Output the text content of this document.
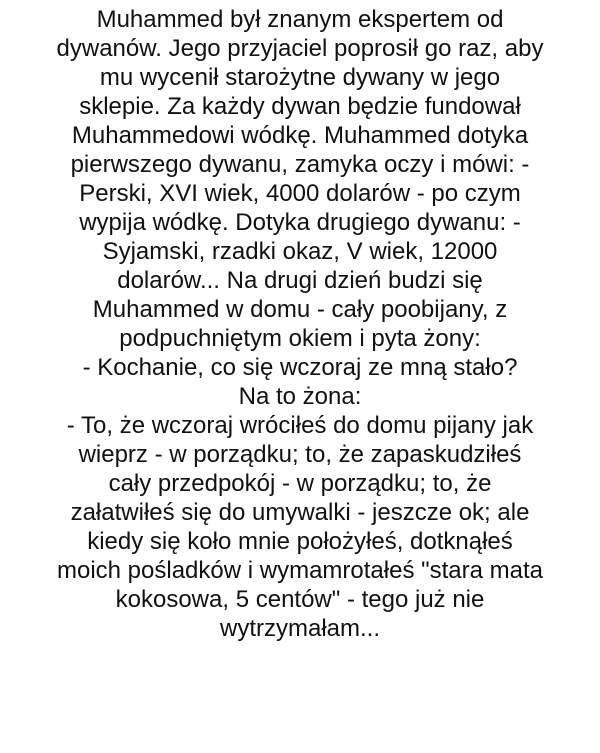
Muhammed był znanym ekspertem od
dywanów. Jego przyjaciel poprosił go raz, aby
mu wycenił starożytne dywany w jego
sklepie. Za każdy dywan będzie fundował
Muhammedowi wódkę. Muhammed dotyka
pierwszego dywanu, zamyka oczy i mówi: -
Perski, XVI wiek, 4000 dolarów - po czym
wypija wódkę. Dotyka drugiego dywanu: -
Syjamski, rzadki okaz, V wiek, 12000
dolarów... Na drugi dzień budzi się
Muhammed w domu - cały poobijany, z
podpuchniętym okiem i pyta żony:
- Kochanie, co się wczoraj ze mną stało?
Na to żona:
- To, że wczoraj wróciłeś do domu pijany jak
wieprz - w porządku; to, że zapaskudziłeś
cały przedpokój - w porządku; to, że
załatwiłeś się do umywalki - jeszcze ok; ale
kiedy się koło mnie położyłeś, dotknąłeś
moich pośladków i wymamrotałeś "stara mata
kokosowa, 5 centów" - tego już nie
wytrzymałam...
